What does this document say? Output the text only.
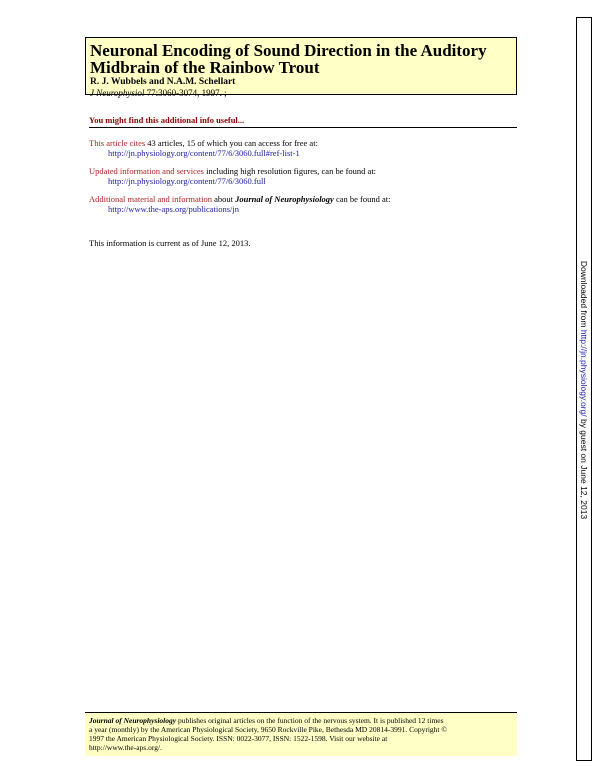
Neuronal Encoding of Sound Direction in the Auditory

Midbrain of the Rainbow Trout

R. J. Wubbels and N.A.M. Schellart

J Neurophysiol 77:3060-3074, 1997. ;

You might find this additional info useful...
This article cites 43 articles, 15 of which you can access for free at:
http://jn.physiology.org/content/77/6/3060.full#ref-list-1
Updated information and services including high resolution figures, can be found at:
http://jn.physiology.org/content/77/6/3060.full
Additional material and information about Journal of Neurophysiology can be found at:
http://www.the-aps.org/publications/jn
This information is current as of June 12, 2013.
Journal of Neurophysiology publishes original articles on the function of the nervous system. It is published 12 times
a year (monthly) by the American Physiological Society, 9650 Rockville Pike, Bethesda MD 20814-3991. Copyright ©
1997 the American Physiological Society. ISSN: 0022-3077, ISSN: 1522-1598. Visit our website at
http://www.the-aps.org/.
Downloaded from http://jn.physiology.org/ by guest on June 12, 2013
